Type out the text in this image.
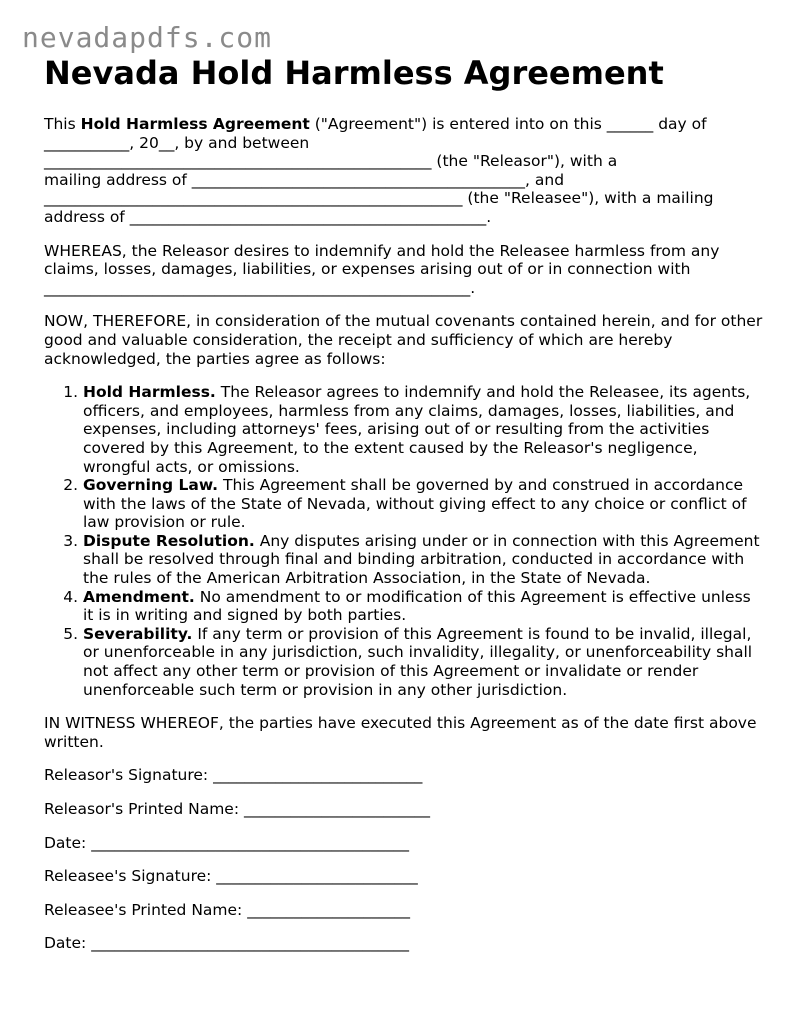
nevadapdfs.com
Nevada Hold Harmless Agreement

This Hold Harmless Agreement ("Agreement") is entered into on this ______ day of
___________, 20__, by and between
__________________________________________________ (the "Releasor"), with a
mailing address of ___________________________________________, and
______________________________________________________ (the "Releasee"), with a mailing
address of ______________________________________________.

WHEREAS, the Releasor desires to indemnify and hold the Releasee harmless from any
claims, losses, damages, liabilities, or expenses arising out of or in connection with
_______________________________________________________.

NOW, THEREFORE, in consideration of the mutual covenants contained herein, and for other good and valuable consideration, the receipt and sufficiency of which are hereby acknowledged, the parties agree as follows:

1. Hold Harmless. The Releasor agrees to indemnify and hold the Releasee, its agents, officers, and employees, harmless from any claims, damages, losses, liabilities, and expenses, including attorneys' fees, arising out of or resulting from the activities covered by this Agreement, to the extent caused by the Releasor's negligence, wrongful acts, or omissions.
2. Governing Law. This Agreement shall be governed by and construed in accordance with the laws of the State of Nevada, without giving effect to any choice or conflict of law provision or rule.
3. Dispute Resolution. Any disputes arising under or in connection with this Agreement shall be resolved through final and binding arbitration, conducted in accordance with the rules of the American Arbitration Association, in the State of Nevada.
4. Amendment. No amendment to or modification of this Agreement is effective unless it is in writing and signed by both parties.
5. Severability. If any term or provision of this Agreement is found to be invalid, illegal, or unenforceable in any jurisdiction, such invalidity, illegality, or unenforceability shall not affect any other term or provision of this Agreement or invalidate or render unenforceable such term or provision in any other jurisdiction.

IN WITNESS WHEREOF, the parties have executed this Agreement as of the date first above written.

Releasor's Signature: ___________________________

Releasor's Printed Name: ________________________

Date: _________________________________________

Releasee's Signature: __________________________

Releasee's Printed Name: _____________________

Date: _________________________________________
